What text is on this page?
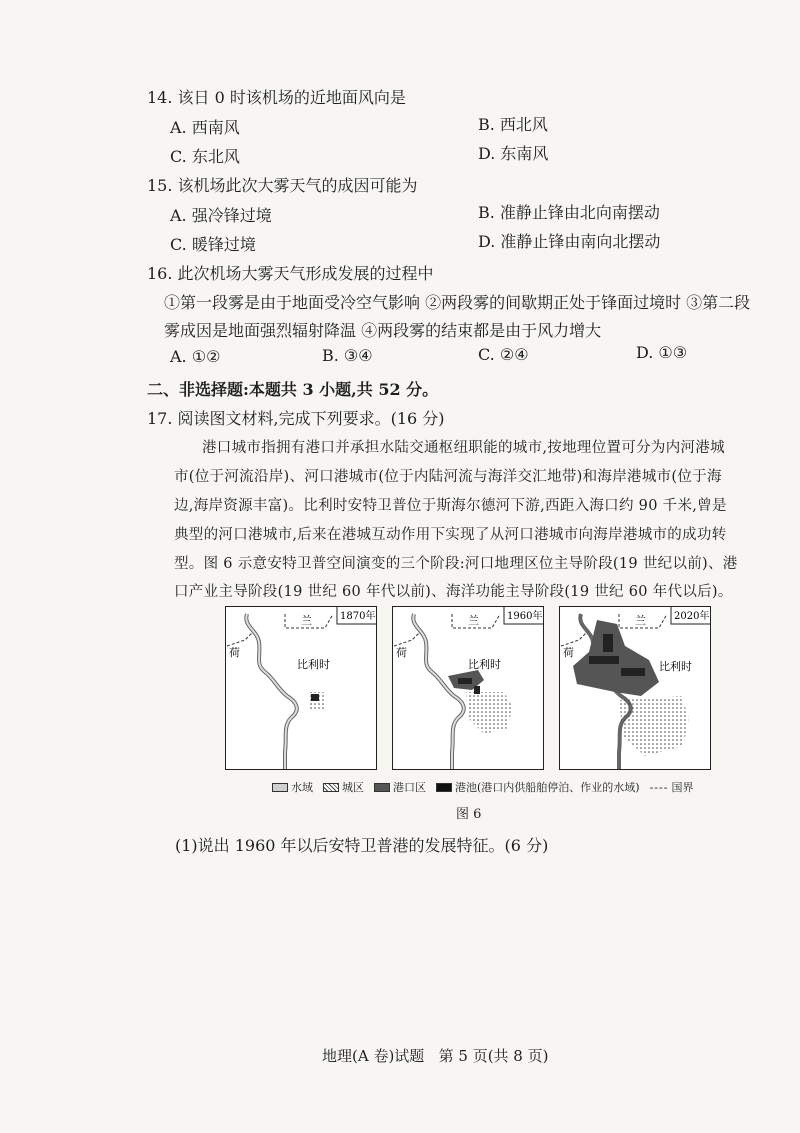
14. 该日 0 时该机场的近地面风向是
A. 西南风	B. 西北风
C. 东北风	D. 东南风
15. 该机场此次大雾天气的成因可能为
A. 强冷锋过境	B. 准静止锋由北向南摆动
C. 暖锋过境	D. 准静止锋由南向北摆动
16. 此次机场大雾天气形成发展的过程中
①第一段雾是由于地面受冷空气影响 ②两段雾的间歇期正处于锋面过境时 ③第二段
雾成因是地面强烈辐射降温 ④两段雾的结束都是由于风力增大
A. ①②	B. ③④	C. ②④	D. ①③
二、非选择题:本题共 3 小题,共 52 分。
17. 阅读图文材料,完成下列要求。(16 分)
港口城市指拥有港口并承担水陆交通枢纽职能的城市,按地理位置可分为内河港城
市(位于河流沿岸)、河口港城市(位于内陆河流与海洋交汇地带)和海岸港城市(位于海
边,海岸资源丰富)。比利时安特卫普位于斯海尔德河下游,西距入海口约 90 千米,曾是
典型的河口港城市,后来在港城互动作用下实现了从河口港城市向海岸港城市的成功转
型。图 6 示意安特卫普空间演变的三个阶段:河口地理区位主导阶段(19 世纪以前)、港
口产业主导阶段(19 世纪 60 年代以前)、海洋功能主导阶段(19 世纪 60 年代以后)。
1870年
兰
荷
比利时
1960年
兰
荷
比利时
2020年
兰
荷
比利时
水域	城区	港口区	港池(港口内供船舶停泊、作业的水域) ---- 国界
图 6
(1)说出 1960 年以后安特卫普港的发展特征。(6 分)
地理(A 卷)试题   第 5 页(共 8 页)
